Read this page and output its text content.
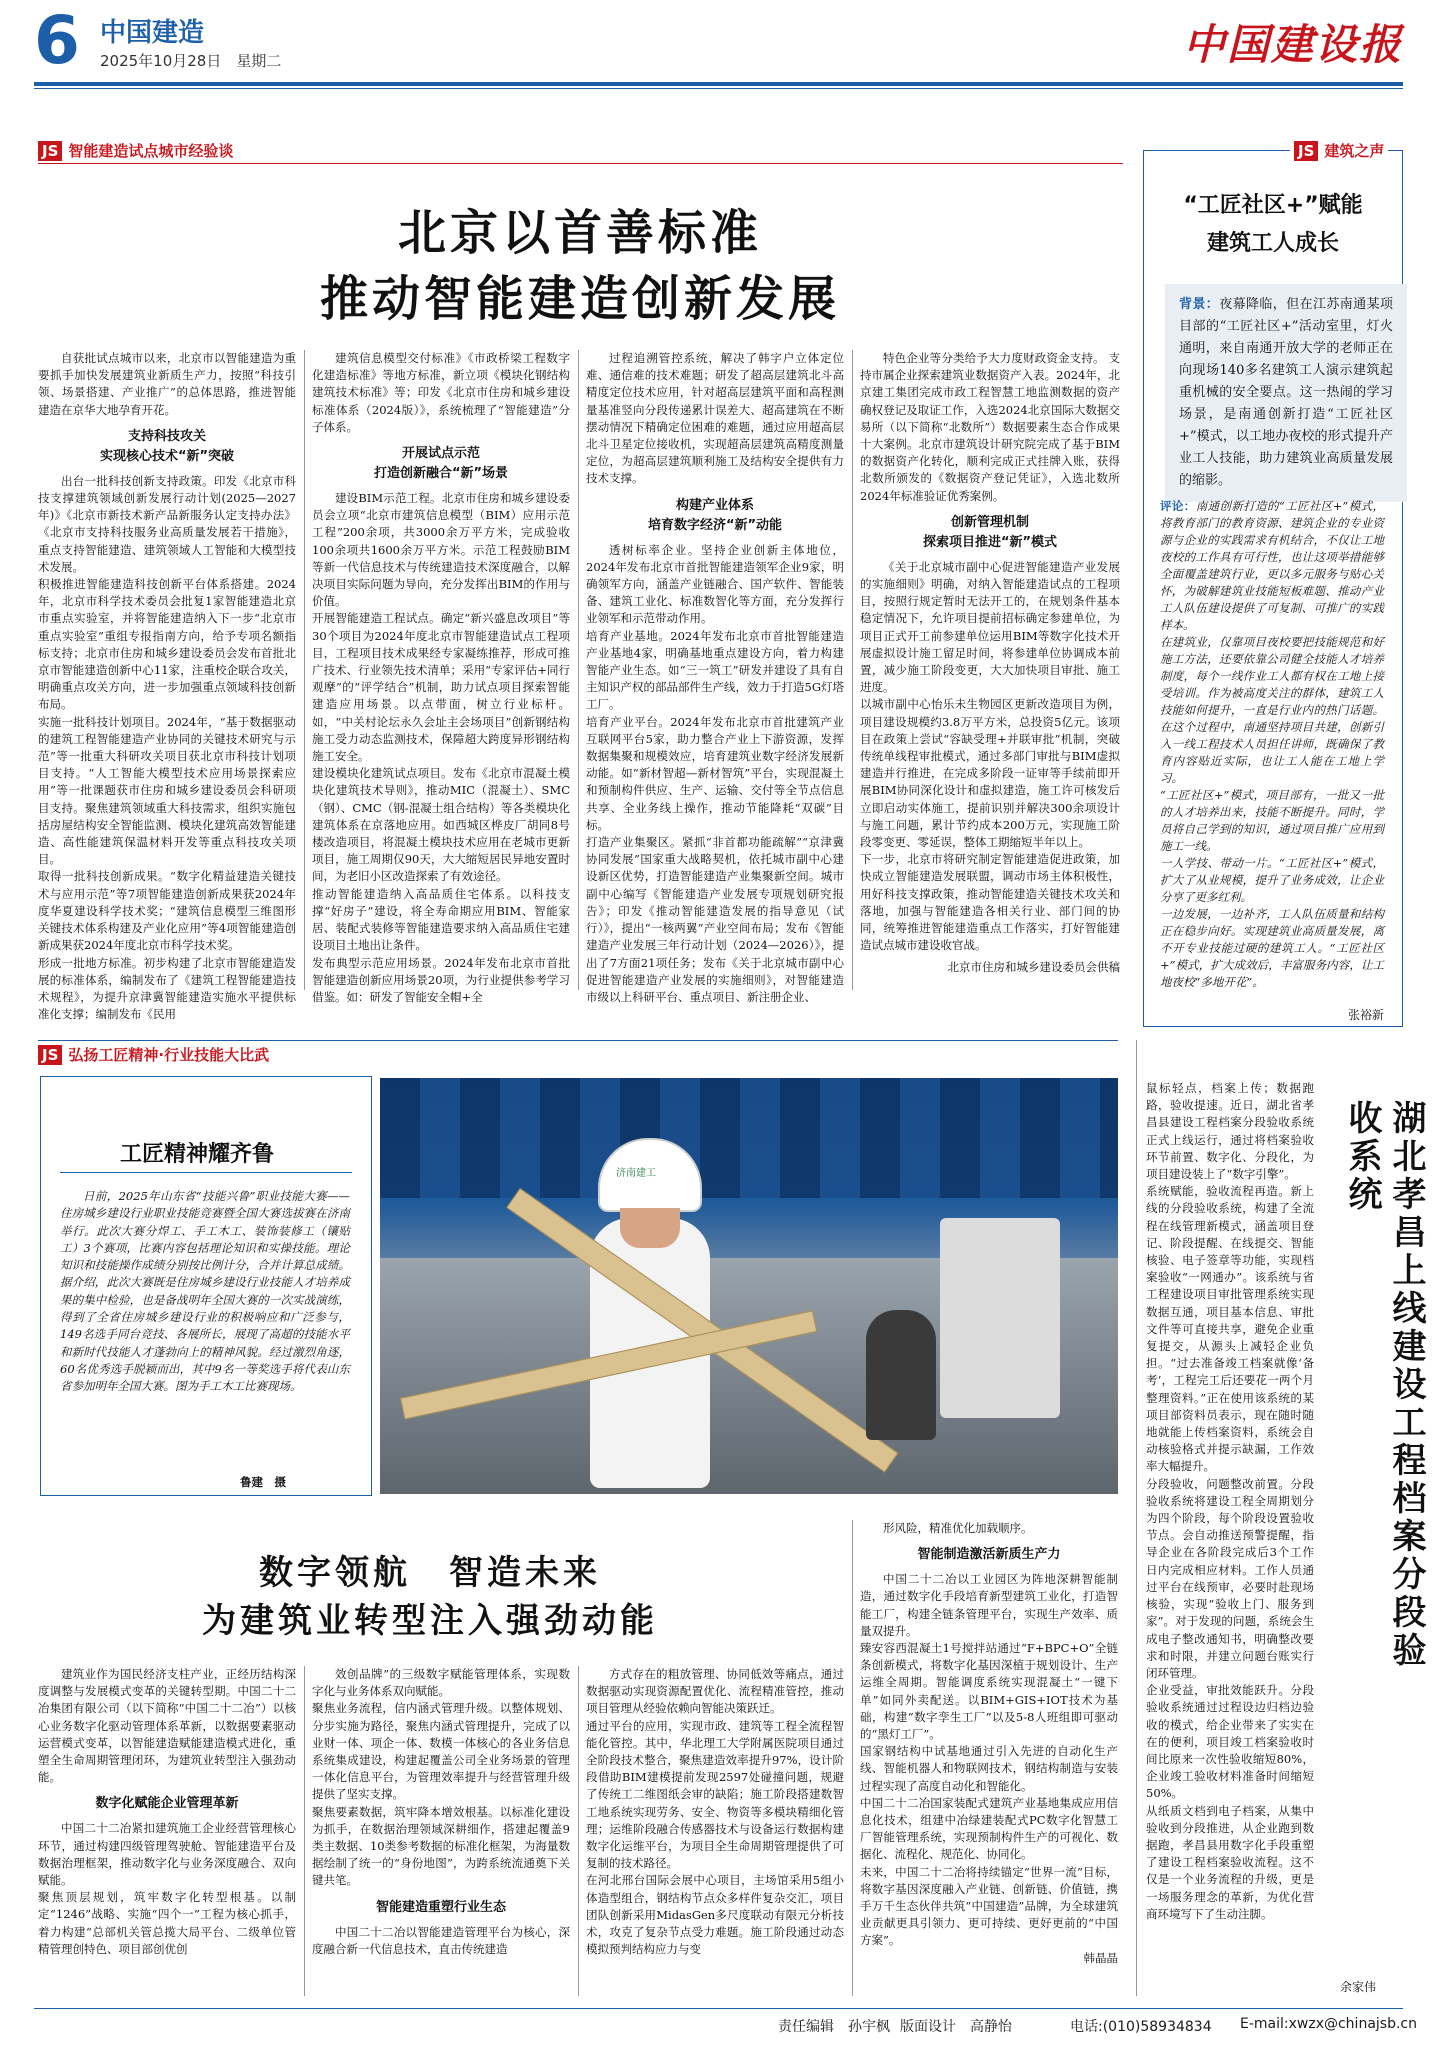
6 中国建造
2025年10月28日　星期二	中国建设报
JS 智能建造试点城市经验谈
北京以首善标准
推动智能建造创新发展

自获批试点城市以来，北京市以智能建造为重要抓手加快发展建筑业新质生产力，按照“科技引领、场景搭建、产业推广”的总体思路，推进智能建造在京华大地孕育开花。

支持科技攻关
实现核心技术“新”突破

出台一批科技创新支持政策。印发《北京市科技支撑建筑领域创新发展行动计划(2025—2027年)》《北京市新技术新产品新服务认定支持办法》《北京市支持科技服务业高质量发展若干措施》，重点支持智能建造、建筑领域人工智能和大模型技术发展。
积极推进智能建造科技创新平台体系搭建。2024年，北京市科学技术委员会批复1家智能建造北京市重点实验室，并将智能建造纳入下一步“北京市重点实验室”重组专报指南方向，给予专项名额指标支持；北京市住房和城乡建设委员会发布首批北京市智能建造创新中心11家，注重校企联合攻关，明确重点攻关方向，进一步加强重点领域科技创新布局。
实施一批科技计划项目。2024年，“基于数据驱动的建筑工程智能建造产业协同的关键技术研究与示范”等一批重大科研攻关项目获北京市科技计划项目支持。“人工智能大模型技术应用场景探索应用”等一批课题获市住房和城乡建设委员会科研项目支持。聚焦建筑领域重大科技需求，组织实施包括房屋结构安全智能监测、模块化建筑高效智能建造、高性能建筑保温材料开发等重点科技攻关项目。
取得一批科技创新成果。“数字化精益建造关键技术与应用示范”等7项智能建造创新成果获2024年度华夏建设科学技术奖；“建筑信息模型三维图形关键技术体系构建及产业化应用”等4项智能建造创新成果获2024年度北京市科学技术奖。
形成一批地方标准。初步构建了北京市智能建造发展的标准体系，编制发布了《建筑工程智能建造技术规程》，为提升京津冀智能建造实施水平提供标准化支撑；编制发布《民用

建筑信息模型交付标准》《市政桥梁工程数字化建造标准》等地方标准，新立项《模块化钢结构建筑技术标准》等；印发《北京市住房和城乡建设标准体系（2024版）》，系统梳理了“智能建造”分子体系。

开展试点示范
打造创新融合“新”场景

建设BIM示范工程。北京市住房和城乡建设委员会立项“北京市建筑信息模型（BIM）应用示范工程”200余项，共3000余万平方米，完成验收100余项共1600余万平方米。示范工程鼓励BIM等新一代信息技术与传统建造技术深度融合，以解决项目实际问题为导向，充分发挥出BIM的作用与价值。
开展智能建造工程试点。确定“新兴盛息改项目”等30个项目为2024年度北京市智能建造试点工程项目，工程项目技术成果经专家凝练推荐，形成可推广技术、行业领先技术清单；采用“专家评估+同行观摩”的“评学结合”机制，助力试点项目探索智能建造应用场景。以点带面，树立行业标杆。如，“中关村论坛永久会址主会场项目”创新钢结构施工受力动态监测技术，保障超大跨度异形钢结构施工安全。
建设模块化建筑试点项目。发布《北京市混凝土模块化建筑技术导则》，推动MIC（混凝土）、SMC（钢）、CMC（钢-混凝土组合结构）等各类模块化建筑体系在京落地应用。如西城区桦皮厂胡同8号楼改造项目，将混凝土模块技术应用在老城市更新项目，施工周期仅90天，大大缩短居民异地安置时间，为老旧小区改造探索了有效途径。
推动智能建造纳入高品质住宅体系。以科技支撑“好房子”建设，将全寿命期应用BIM、智能家居、装配式装修等智能建造要求纳入高品质住宅建设项目土地出让条件。
发布典型示范应用场景。2024年发布北京市首批智能建造创新应用场景20项，为行业提供参考学习借鉴。如：研发了智能安全帽+全

过程追溯管控系统，解决了韩字户立体定位难、通信难的技术难题；研发了超高层建筑北斗高精度定位技术应用，针对超高层建筑平面和高程测量基准竖向分段传递累计误差大、超高建筑在不断摆动情况下精确定位困难的难题，通过应用超高层北斗卫星定位接收机，实现超高层建筑高精度测量定位，为超高层建筑顺利施工及结构安全提供有力技术支撑。

构建产业体系
培育数字经济“新”动能

透树标率企业。坚持企业创新主体地位，2024年发布北京市首批智能建造领军企业9家，明确领军方向，涵盖产业链融合、国产软件、智能装备、建筑工业化、标准数智化等方面，充分发挥行业领军和示范带动作用。
培育产业基地。2024年发布北京市首批智能建造产业基地4家，明确基地重点建设方向，着力构建智能产业生态。如“三一筑工”研发并建设了具有自主知识产权的部品部件生产线，效力于打造5G灯塔工厂。
培育产业平台。2024年发布北京市首批建筑产业互联网平台5家，助力整合产业上下游资源，发挥数据集聚和规模效应，培育建筑业数字经济发展新动能。如“新材智超—新材智筑”平台，实现混凝土和预制构件供应、生产、运输、交付等全节点信息共享、全业务线上操作，推动节能降耗“双碳”目标。
打造产业集聚区。紧抓“非首都功能疏解”“京津冀协同发展”国家重大战略契机，依托城市副中心建设新区优势，打造智能建造产业集聚新空间。城市副中心编写《智能建造产业发展专项规划研究报告》；印发《推动智能建造发展的指导意见（试行）》，提出“一核两翼”产业空间布局；发布《智能建造产业发展三年行动计划（2024—2026）》，提出了7方面21项任务；发布《关于北京城市副中心促进智能建造产业发展的实施细则》，对智能建造市级以上科研平台、重点项目、新注册企业、

特色企业等分类给予大力度财政资金支持。 支持市属企业探索建筑业数据资产入表。2024年，北京建工集团完成市政工程智慧工地监测数据的资产确权登记及取证工作，入选2024北京国际大数据交易所（以下简称“北数所”）数据要素生态合作成果十大案例。北京市建筑设计研究院完成了基于BIM的数据资产化转化，顺利完成正式挂牌入账，获得北数所颁发的《数据资产登记凭证》，入选北数所2024年标准验证优秀案例。

创新管理机制
探索项目推进“新”模式

《关于北京城市副中心促进智能建造产业发展的实施细则》明确，对纳入智能建造试点的工程项目，按照行规定暂时无法开工的，在规划条件基本稳定情况下，允许项目提前招标确定参建单位，为项目正式开工前参建单位运用BIM等数字化技术开展虚拟设计施工留足时间，将参建单位协调成本前置，减少施工阶段变更，大大加快项目审批、施工进度。
以城市副中心怡乐未生物园区更新改造项目为例，项目建设规模约3.8万平方米，总投资5亿元。该项目在政策上尝试“容缺受理+并联审批”机制，突破传统单线程审批模式，通过多部门审批与BIM虚拟建造并行推进，在完成多阶段一证审等手续前即开展BIM协同深化设计和虚拟建造，施工许可核发后立即启动实体施工，提前识别并解决300余项设计与施工问题，累计节约成本200万元，实现施工阶段零变更、零延误，整体工期缩短半年以上。
下一步，北京市将研究制定智能建造促进政策，加快成立智能建造发展联盟，调动市场主体积极性，用好科技支撑政策，推动智能建造关键技术攻关和落地，加强与智能建造各相关行业、部门间的协同，统筹推进智能建造重点工作落实，打好智能建造试点城市建设收官战。

北京市住房和城乡建设委员会供稿
JS 建筑之声
“工匠社区+”赋能
建筑工人成长
背景：夜幕降临，但在江苏南通某项目部的“工匠社区+”活动室里，灯火通明，来自南通开放大学的老师正在向现场140多名建筑工人演示建筑起重机械的安全要点。这一热闹的学习场景，是南通创新打造“工匠社区+”模式，以工地办夜校的形式提升产业工人技能，助力建筑业高质量发展的缩影。
评论：南通创新打造的“工匠社区+”模式，将教育部门的教育资源、建筑企业的专业资源与企业的实践需求有机结合，不仅让工地夜校的工作具有可行性，也让这项举措能够全面覆盖建筑行业，更以多元服务与贴心关怀，为破解建筑业技能短板难题、推动产业工人队伍建设提供了可复制、可推广的实践样本。
在建筑业，仅靠项目夜校要把技能规范和好施工方法，还要依靠公司健全技能人才培养制度，每个一线作业工人都有权在工地上接受培训。作为被高度关注的群体，建筑工人技能如何提升，一直是行业内的热门话题。在这个过程中，南通坚持项目共建，创新引入一线工程技术人员担任讲师，既确保了教育内容贴近实际，也让工人能在工地上学习。
“工匠社区+”模式，项目部有，一批又一批的人才培养出来，技能不断提升。同时，学员将自己学到的知识，通过项目推广应用到施工一线。
一人学技、带动一片。“工匠社区+”模式，扩大了从业规模，提升了业务成效，让企业分享了更多红利。
一边发展，一边补齐，工人队伍质量和结构正在稳步向好。实现建筑业高质量发展，离不开专业技能过硬的建筑工人。“工匠社区+”模式，扩大成效后，丰富服务内容，让工地夜校“多地开花”。
张裕新
JS 弘扬工匠精神·行业技能大比武
工匠精神耀齐鲁
日前，2025年山东省“技能兴鲁”职业技能大赛——住房城乡建设行业职业技能竞赛暨全国大赛选拔赛在济南举行。此次大赛分焊工、手工木工、装饰装修工（镶贴工）3个赛项，比赛内容包括理论知识和实操技能。理论知识和技能操作成绩分别按比例计分，合并计算总成绩。据介绍，此次大赛既是住房城乡建设行业技能人才培养成果的集中检验，也是备战明年全国大赛的一次实战演练，得到了全省住房城乡建设行业的积极响应和广泛参与，149名选手同台竞技、各展所长，展现了高超的技能水平和新时代技能人才蓬勃向上的精神风貌。经过激烈角逐，60名优秀选手脱颖而出，其中9名一等奖选手将代表山东省参加明年全国大赛。图为手工木工比赛现场。
鲁建　摄
济南建工
数字领航　智造未来
为建筑业转型注入强劲动能

建筑业作为国民经济支柱产业，正经历结构深度调整与发展模式变革的关键转型期。中国二十二冶集团有限公司（以下简称“中国二十二冶”）以核心业务数字化驱动管理体系革新，以数据要素驱动运营模式变革，以智能建造赋能建造模式进化，重塑全生命周期管理闭环，为建筑业转型注入强劲动能。

数字化赋能企业管理革新

中国二十二冶紧扣建筑施工企业经营管理核心环节，通过构建四级管理驾驶舱、智能建造平台及数据治理框架，推动数字化与业务深度融合、双向赋能。
聚焦顶层规划，筑牢数字化转型根基。以制定“1246”战略、实施“四个一”工程为核心抓手，着力构建“总部机关管总揽大局平台、二级单位管精管理创特色、项目部创优创

效创品牌”的三级数字赋能管理体系，实现数字化与业务体系双向赋能。
聚焦业务流程，信内涵式管理升级。以整体规划、分步实施为路径，聚焦内涵式管理提升，完成了以业财一体、项企一体、数模一体核心的各业务信息系统集成建设，构建起覆盖公司全业务场景的管理一体化信息平台，为管理效率提升与经营管理升级提供了坚实支撑。
聚焦要素数据，筑牢降本增效根基。以标准化建设为抓手，在数据治理领域深耕细作，搭建起覆盖9类主数据、10类参考数据的标准化框架，为海量数据绘制了统一的“身份地图”，为跨系统流通奠下关键共笔。

智能建造重塑行业生态

中国二十二冶以智能建造管理平台为核心，深度融合新一代信息技术，直击传统建造

方式存在的粗放管理、协同低效等痛点，通过数据驱动实现资源配置优化、流程精准管控，推动项目管理从经验依赖向智能决策跃迁。
通过平台的应用，实现市政、建筑等工程全流程智能化管控。其中，华北理工大学附属医院项目通过全阶段技术整合，聚焦建造效率提升97%，设计阶段借助BIM建模提前发现2597处碰撞问题，规避了传统工二维图纸会审的缺陷；施工阶段搭建数智工地系统实现劳务、安全、物资等多模块精细化管理；运维阶段融合传感器技术与设备运行数据构建数字化运维平台，为项目全生命周期管理提供了可复制的技术路径。
在河北邢台国际会展中心项目，主场馆采用5组小体造型组合，钢结构节点众多样件复杂交汇，项目团队创新采用MidasGen多尺度联动有限元分析技术，攻克了复杂节点受力难题。施工阶段通过动态模拟预判结构应力与变

形风险，精准优化加载顺序。

智能制造激活新质生产力

中国二十二冶以工业园区为阵地深耕智能制造，通过数字化手段培育新型建筑工业化，打造智能工厂，构建全链条管理平台，实现生产效率、质量双提升。
臻安容西混凝土1号搅拌站通过“F+BPC+O”全链条创新模式，将数字化基因深植于规划设计、生产运维全周期。智能调度系统实现混凝土“一键下单”如同外卖配送。以BIM+GIS+IOT技术为基础，构建“数字孪生工厂”以及5-8人班组即可驱动的“黑灯工厂”。
国家钢结构中试基地通过引入先进的自动化生产线、智能机器人和物联网技术，钢结构制造与安装过程实现了高度自动化和智能化。
中国二十二冶国家装配式建筑产业基地集成应用信息化技术，组建中冶绿建装配式PC数字化智慧工厂智能管理系统，实现预制构件生产的可视化、数据化、流程化、规范化、协同化。
未来，中国二十二冶将持续锚定“世界一流”目标，将数字基因深度融入产业链、创新链、价值链，携手万千生态伙伴共筑“中国建造”品牌，为全球建筑业贡献更具引领力、更可持续、更好更前的“中国方案”。

韩晶晶
鼠标轻点，档案上传；数据跑路，验收提速。近日，湖北省孝昌县建设工程档案分段验收系统正式上线运行，通过将档案验收环节前置、数字化、分段化，为项目建设装上了“数字引擎”。
系统赋能，验收流程再造。新上线的分段验收系统，构建了全流程在线管理新模式，涵盖项目登记、阶段提醒、在线提交、智能核验、电子签章等功能，实现档案验收“一网通办”。该系统与省工程建设项目审批管理系统实现数据互通，项目基本信息、审批文件等可直接共享，避免企业重复提交，从源头上减轻企业负担。“过去准备竣工档案就像‘备考’，工程完工后还要花一两个月整理资料。”正在使用该系统的某项目部资料员表示，现在随时随地就能上传档案资料，系统会自动核验格式并提示缺漏，工作效率大幅提升。
分段验收，问题整改前置。分段验收系统将建设工程全周期划分为四个阶段，每个阶段设置验收节点。会自动推送预警提醒，指导企业在各阶段完成后3个工作日内完成相应材料。工作人员通过平台在线预审，必要时赴现场核验，实现“验收上门、服务到家”。对于发现的问题，系统会生成电子整改通知书，明确整改要求和时限，并建立问题台账实行闭环管理。
企业受益，审批效能跃升。分段验收系统通过过程设边归档边验收的模式，给企业带来了实实在在的便利，项目竣工档案验收时间比原来一次性验收缩短80%，企业竣工验收材料准备时间缩短50%。
从纸质文档到电子档案，从集中验收到分段推进，从企业跑到数据跑，孝昌县用数字化手段重塑了建设工程档案验收流程。这不仅是一个业务流程的升级，更是一场服务理念的革新，为优化营商环境写下了生动注脚。
湖北孝昌上线建设工程档案分段验收系统
余家伟
责任编辑　孙宇枫 版面设计　高静怡	电话:(010)58934834 E-mail:xwzx@chinajsb.cn
